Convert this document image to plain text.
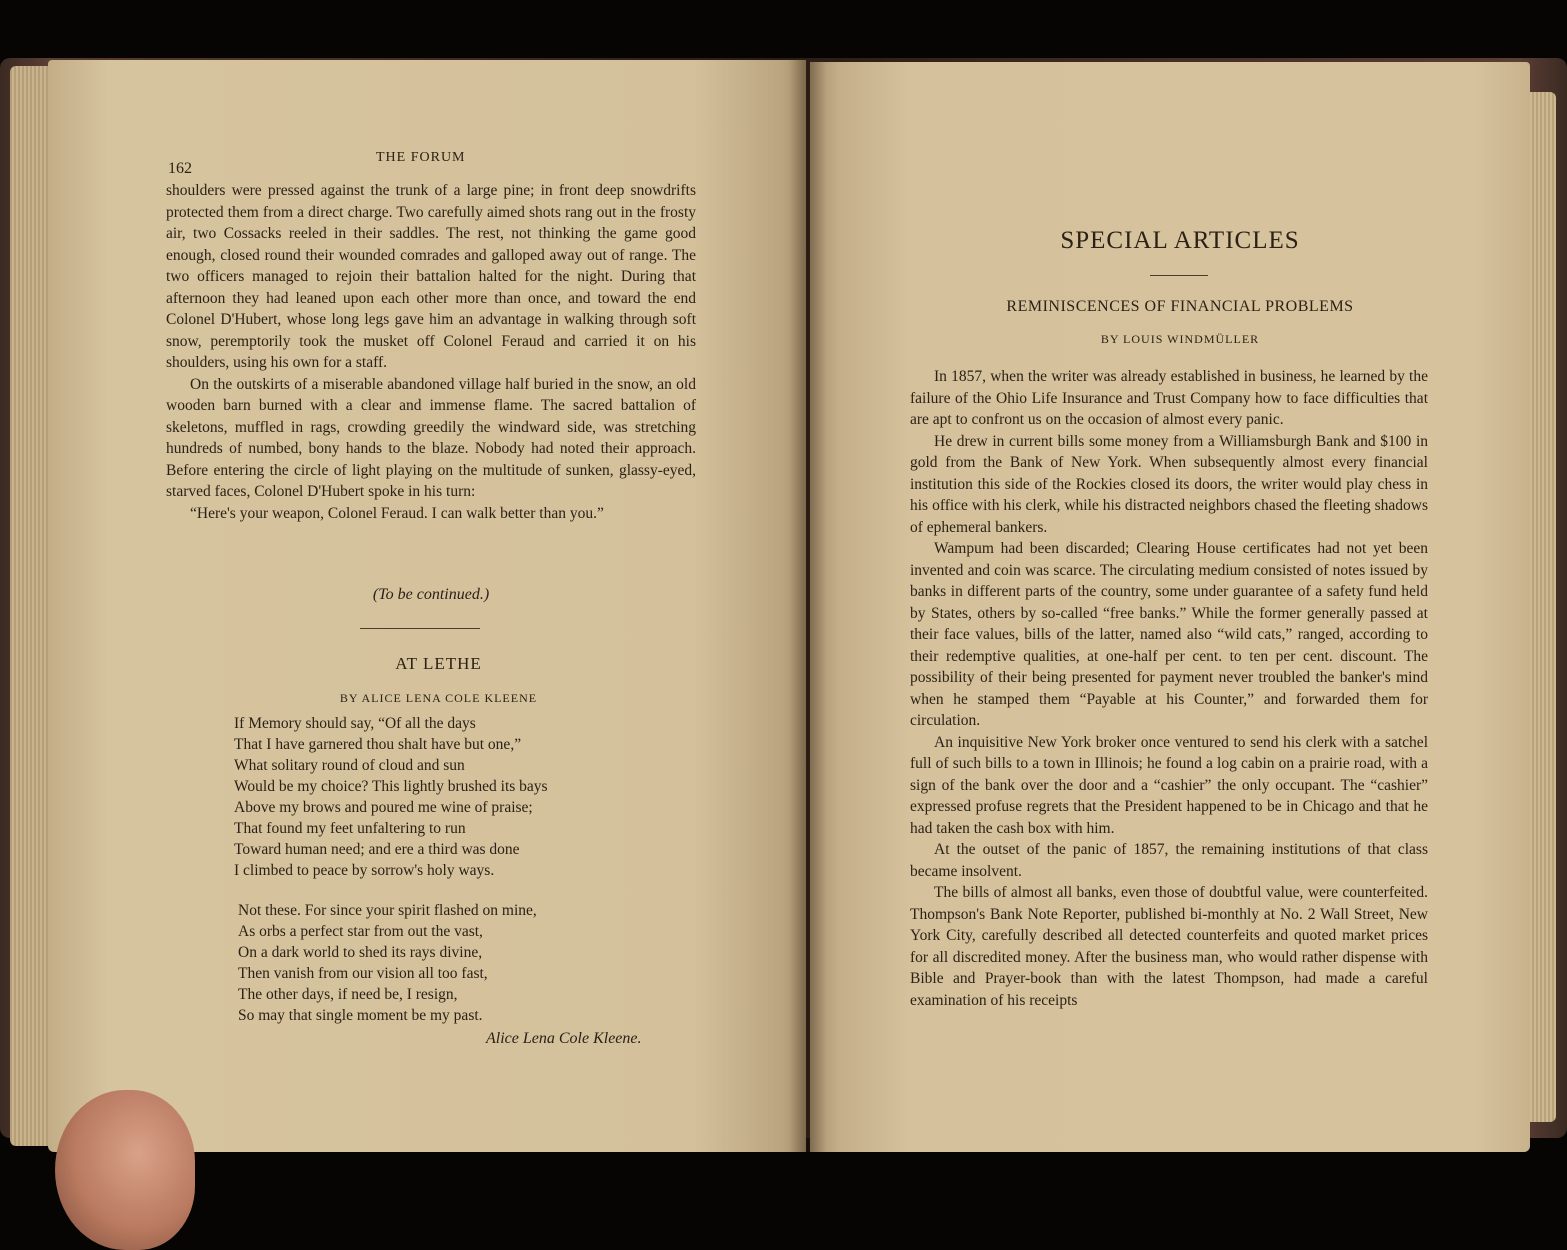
162
THE FORUM

shoulders were pressed against the trunk of a large pine; in front deep snowdrifts protected them from a direct charge. Two carefully aimed shots rang out in the frosty air, two Cossacks reeled in their saddles. The rest, not thinking the game good enough, closed round their wounded comrades and galloped away out of range. The two officers managed to rejoin their battalion halted for the night. During that afternoon they had leaned upon each other more than once, and toward the end Colonel D'Hubert, whose long legs gave him an advantage in walking through soft snow, peremptorily took the musket off Colonel Feraud and carried it on his shoulders, using his own for a staff.

On the outskirts of a miserable abandoned village half buried in the snow, an old wooden barn burned with a clear and immense flame. The sacred battalion of skeletons, muffled in rags, crowding greedily the windward side, was stretching hundreds of numbed, bony hands to the blaze. Nobody had noted their approach. Before entering the circle of light playing on the multitude of sunken, glassy-eyed, starved faces, Colonel D'Hubert spoke in his turn:

“Here's your weapon, Colonel Feraud. I can walk better than you.”

(To be continued.)
AT LETHE
BY ALICE LENA COLE KLEENE
If Memory should say, “Of all the days
That I have garnered thou shalt have but one,”
What solitary round of cloud and sun
Would be my choice? This lightly brushed its bays
Above my brows and poured me wine of praise;
That found my feet unfaltering to run
Toward human need; and ere a third was done
I climbed to peace by sorrow's holy ways.
Not these. For since your spirit flashed on mine,
As orbs a perfect star from out the vast,
On a dark world to shed its rays divine,
Then vanish from our vision all too fast,
The other days, if need be, I resign,
So may that single moment be my past.
Alice Lena Cole Kleene.
SPECIAL ARTICLES
REMINISCENCES OF FINANCIAL PROBLEMS
BY LOUIS WINDMÜLLER

In 1857, when the writer was already established in business, he learned by the failure of the Ohio Life Insurance and Trust Company how to face difficulties that are apt to confront us on the occasion of almost every panic.

He drew in current bills some money from a Williamsburgh Bank and $100 in gold from the Bank of New York. When subsequently almost every financial institution this side of the Rockies closed its doors, the writer would play chess in his office with his clerk, while his distracted neighbors chased the fleeting shadows of ephemeral bankers.

Wampum had been discarded; Clearing House certificates had not yet been invented and coin was scarce. The circulating medium consisted of notes issued by banks in different parts of the country, some under guarantee of a safety fund held by States, others by so-called “free banks.” While the former generally passed at their face values, bills of the latter, named also “wild cats,” ranged, according to their redemptive qualities, at one-half per cent. to ten per cent. discount. The possibility of their being presented for payment never troubled the banker's mind when he stamped them “Payable at his Counter,” and forwarded them for circulation.

An inquisitive New York broker once ventured to send his clerk with a satchel full of such bills to a town in Illinois; he found a log cabin on a prairie road, with a sign of the bank over the door and a “cashier” the only occupant. The “cashier” expressed profuse regrets that the President happened to be in Chicago and that he had taken the cash box with him.

At the outset of the panic of 1857, the remaining institutions of that class became insolvent.

The bills of almost all banks, even those of doubtful value, were counterfeited. Thompson's Bank Note Reporter, published bi-monthly at No. 2 Wall Street, New York City, carefully described all detected counterfeits and quoted market prices for all discredited money. After the business man, who would rather dispense with Bible and Prayer-book than with the latest Thompson, had made a careful examination of his receipts
